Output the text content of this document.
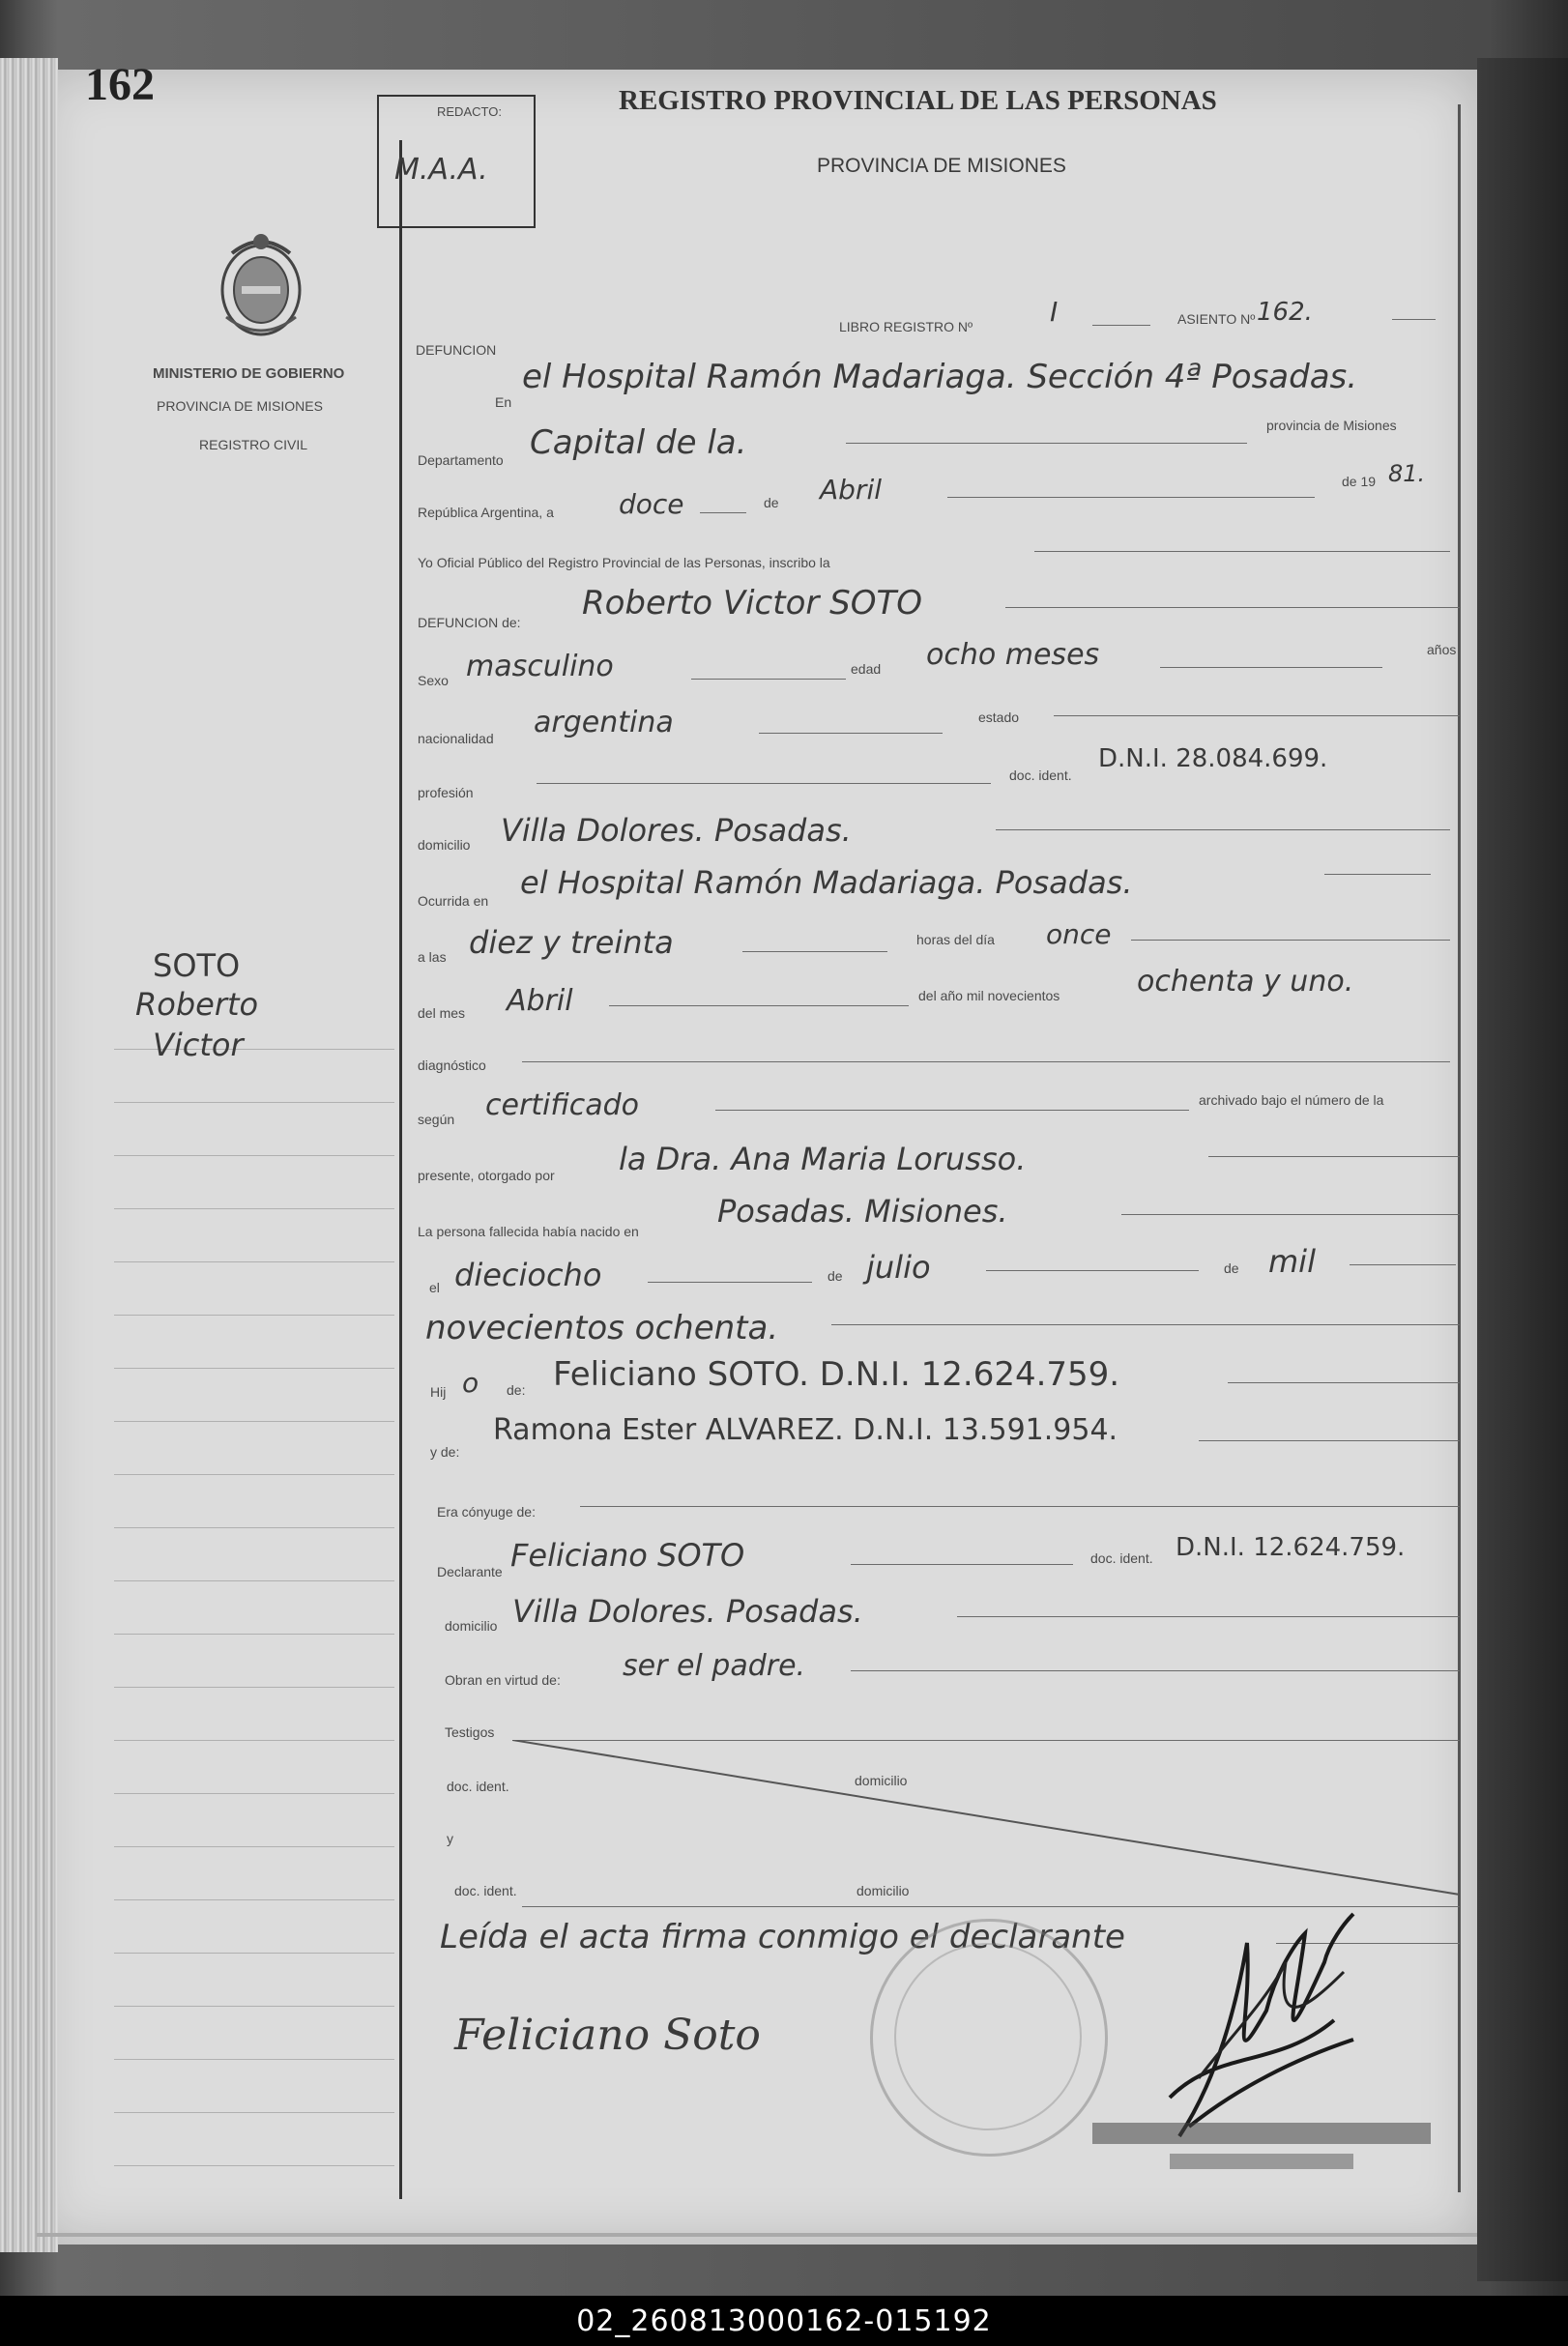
162
MINISTERIO DE GOBIERNO
PROVINCIA DE MISIONES
REGISTRO CIVIL
SOTO
Roberto
Victor
REDACTO:
M.A.A.
REGISTRO PROVINCIAL DE LAS PERSONAS
PROVINCIA DE MISIONES
DEFUNCION
LIBRO REGISTRO Nº	I	ASIENTO Nº 162.
En
el Hospital Ramón Madariaga. Sección 4ª Posadas.
Departamento Capital de la.	provincia de Misiones
República Argentina, a doce	de Abril	de 19 81.
Yo Oficial Público del Registro Provincial de las Personas, inscribo la
DEFUNCION de: Roberto Victor SOTO
Sexo masculino	edad ocho meses	años
nacionalidad argentina	estado
profesión
doc. ident.
D.N.I. 28.084.699.
domicilio Villa Dolores. Posadas.
Ocurrida en el Hospital Ramón Madariaga. Posadas.
a las diez y treinta	horas del día once
del mes Abril	del año mil novecientos	ochenta y uno.
diagnóstico
según certificado	archivado bajo el número de la
presente, otorgado por la Dra. Ana Maria Lorusso.
La persona fallecida había nacido en
Posadas. Misiones.
el dieciocho	de julio	de mil
novecientos ochenta.
Hij o de: Feliciano SOTO. D.N.I. 12.624.759.
y de:
Ramona Ester ALVAREZ. D.N.I. 13.591.954.
Era cónyuge de:
Declarante Feliciano SOTO	doc. ident. D.N.I. 12.624.759.
domicilio Villa Dolores. Posadas.
Obran en virtud de: ser el padre.
Testigos
doc. ident.	domicilio
y
doc. ident.	domicilio
Leída el acta firma conmigo el declarante
Feliciano Soto
02_260813000162-015192
